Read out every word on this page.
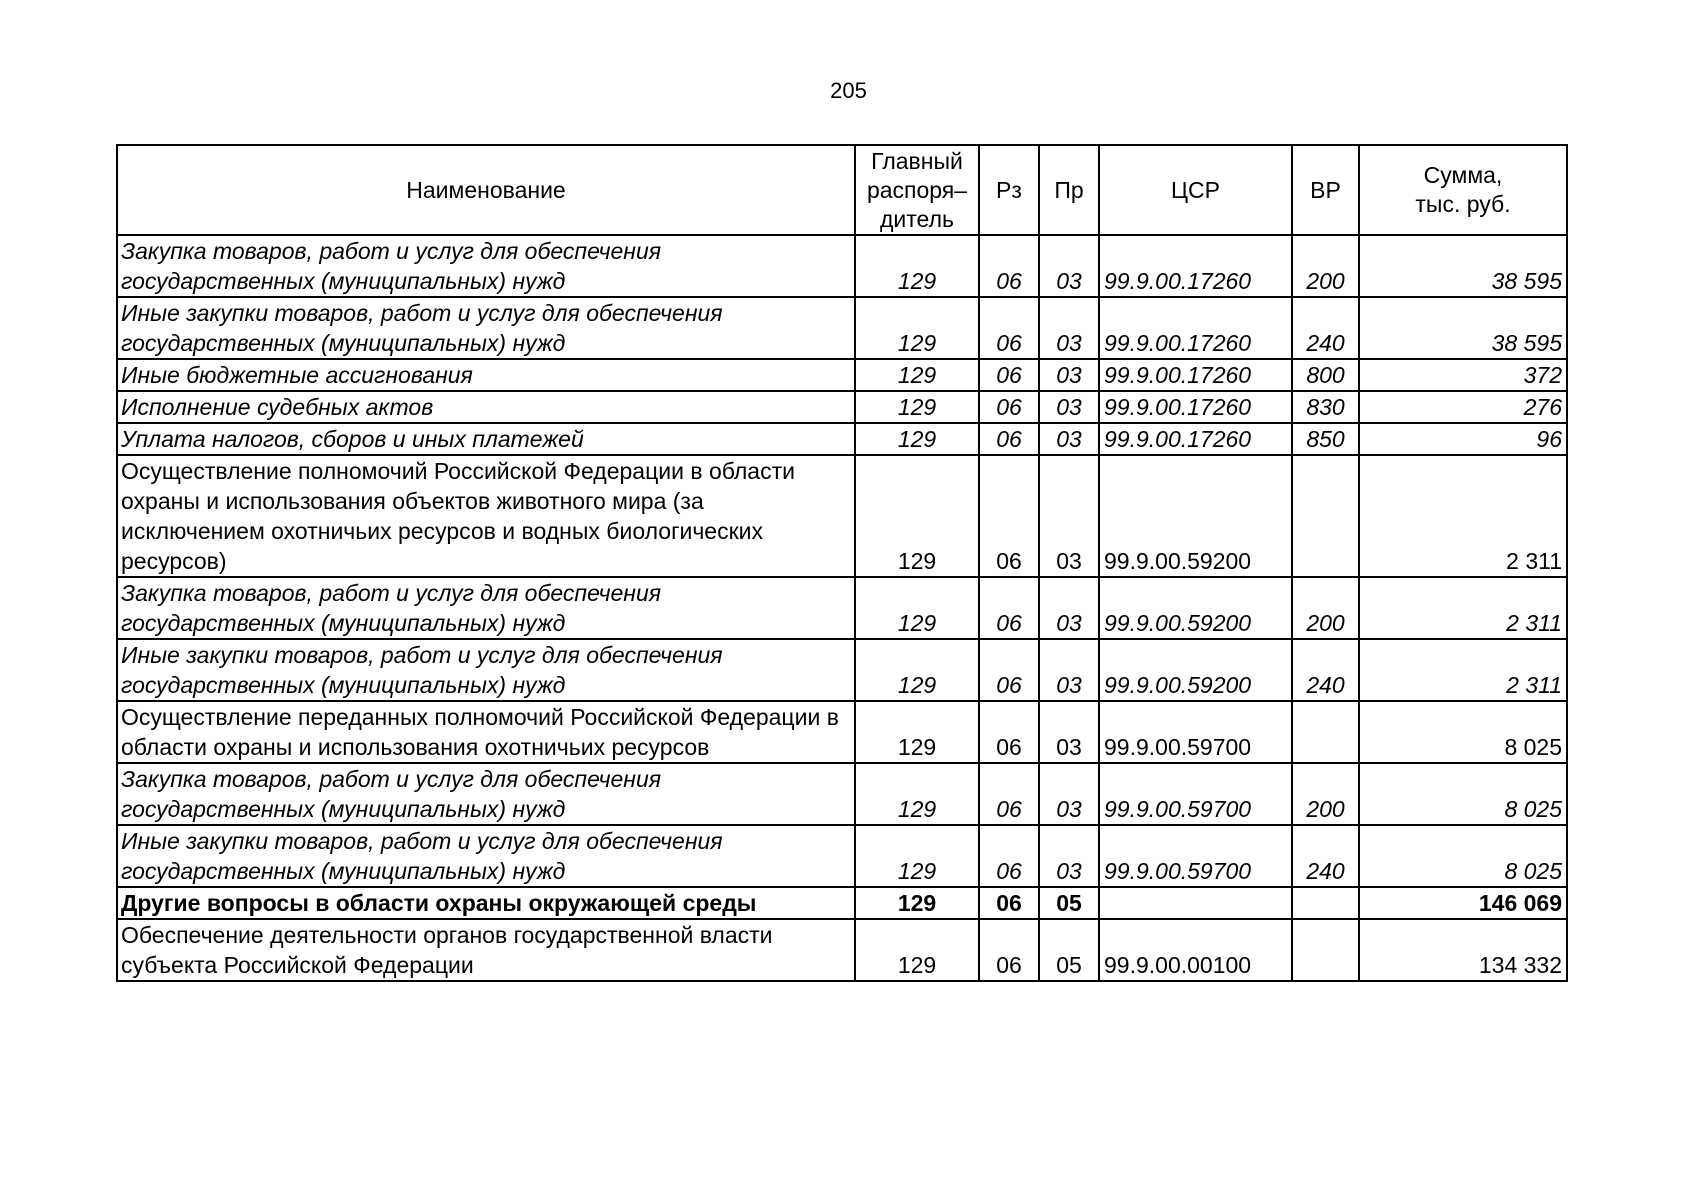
205
Наименование	Главный
распоря–
дитель	Рз	Пр	ЦСР	ВР	Сумма,
тыс. руб.
Закупка товаров, работ и услуг для обеспечения государственных (муниципальных) нужд	129	06	03	99.9.00.17260	200	38 595
Иные закупки товаров, работ и услуг для обеспечения государственных (муниципальных) нужд	129	06	03	99.9.00.17260	240	38 595
Иные бюджетные ассигнования	129	06	03	99.9.00.17260	800	372
Исполнение судебных актов	129	06	03	99.9.00.17260	830	276
Уплата налогов, сборов и иных платежей	129	06	03	99.9.00.17260	850	96
Осуществление полномочий Российской Федерации в области охраны и использования объектов животного мира (за исключением охотничьих ресурсов и водных биологических ресурсов)	129	06	03	99.9.00.59200		2 311
Закупка товаров, работ и услуг для обеспечения государственных (муниципальных) нужд	129	06	03	99.9.00.59200	200	2 311
Иные закупки товаров, работ и услуг для обеспечения государственных (муниципальных) нужд	129	06	03	99.9.00.59200	240	2 311
Осуществление переданных полномочий Российской Федерации в области охраны и использования охотничьих ресурсов	129	06	03	99.9.00.59700		8 025
Закупка товаров, работ и услуг для обеспечения государственных (муниципальных) нужд	129	06	03	99.9.00.59700	200	8 025
Иные закупки товаров, работ и услуг для обеспечения государственных (муниципальных) нужд	129	06	03	99.9.00.59700	240	8 025
Другие вопросы в области охраны окружающей среды	129	06	05			146 069
Обеспечение деятельности органов государственной власти субъекта Российской Федерации	129	06	05	99.9.00.00100		134 332
